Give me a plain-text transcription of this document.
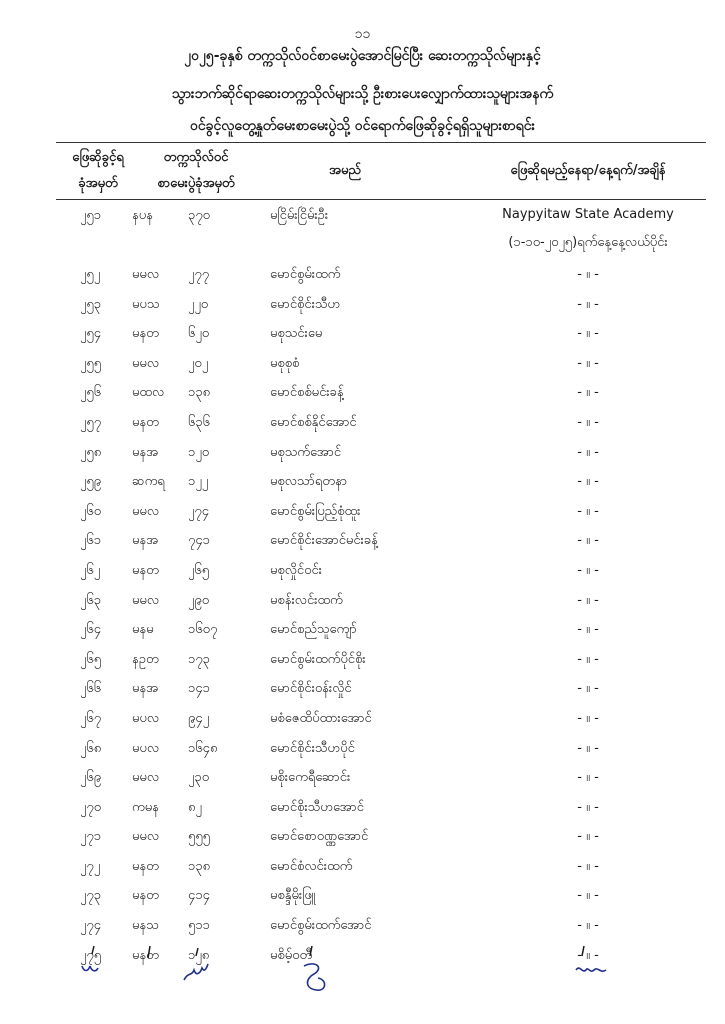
၁၁
၂၀၂၅-ခုနှစ် တက္ကသိုလ်ဝင်စာမေးပွဲအောင်မြင်ပြီး ဆေးတက္ကသိုလ်များနှင့်
သွားဘက်ဆိုင်ရာဆေးတက္ကသိုလ်များသို့ ဦးစားပေးလျှောက်ထားသူများအနက်
ဝင်ခွင့်လူတွေ့နှုတ်မေးစာမေးပွဲသို့ ဝင်ရောက်ဖြေဆိုခွင့်ရရှိသူများစာရင်း
ဖြေဆိုခွင့်ရ
ခုံအမှတ်
တက္ကသိုလ်ဝင်
စာမေးပွဲခုံအမှတ်
အမည်	ဖြေဆိုရမည့်နေရာ/နေ့ရက်/အချိန်
၂၅၁ နပန	၃၇၀	မငြိမ်းငြိမ်းဦး	Naypyitaw State Academy
(၁-၁၀-၂၀၂၅)ရက်နေ့နေ့လယ်ပိုင်း
၂၅၂ မမလ ၂၇၇	မောင်စွမ်းထက်	- ။ -
၂၅၃ မပသ ၂၂၀	မောင်စိုင်းသီဟ	- ။ -
၂၅၄ မနတ ၆၂၀	မစုသင်းမေ	- ။ -
၂၅၅ မမလ ၂၀၂	မစုစုစံ	- ။ -
၂၅၆ မထလ ၁၃၈	မောင်စစ်မင်းခန့်	- ။ -
၂၅၇ မနတ ၆၃၆	မောင်စစ်နိုင်အောင်	- ။ -
၂၅၈ မနအ ၁၂၀	မစုသက်အောင်	- ။ -
၂၅၉ ဆကရ ၁၂၂	မစုလသာ်ရတနာ	- ။ -
၂၆၀ မမလ ၂၇၄	မောင်စွမ်းပြည့်စုံထူး	- ။ -
၂၆၁ မနအ ၇၄၁	မောင်စိုင်းအောင်မင်းခန့်	- ။ -
၂၆၂ မနတ ၂၆၅	မစုလှိုင်ဝင်း	- ။ -
၂၆၃ မမလ ၂၉၀	မစန်းလင်းထက်	- ။ -
၂၆၄ မနမ	၁၆၀၇	မောင်စည်သူကျော်	- ။ -
၂၆၅ နဥတ ၁၇၃	မောင်စွမ်းထက်ပိုင်စိုး	- ။ -
၂၆၆ မနအ ၁၄၁	မောင်စိုင်းဝန်းလှိုင်	- ။ -
၂၆၇ မပလ ၉၄၂	မစံဇေထိပ်ထားအောင်	- ။ -
၂၆၈ မပလ ၁၆၄၈	မောင်စိုင်းသီဟပိုင်	- ။ -
၂၆၉ မမလ ၂၃၀	မစိုးကေရီဆောင်း	- ။ -
၂၇၀ ကမန ၈၂	မောင်စိုးသီဟအောင်	- ။ -
၂၇၁ မမလ ၅၅၅	မောင်စောဝဏ္ဏအောင်	- ။ -
၂၇၂ မနတ ၁၃၈	မောင်စံလင်းထက်	- ။ -
၂၇၃ မနတ ၄၁၄	မစန္ဒီမိုးဖြူ	- ။ -
၂၇၄ မနသ ၅၁၁	မောင်စွမ်းထက်အောင်	- ။ -
၂၇၅ မနတ ၁၂၈	မစိမ့်ဝတီ	- ။ -
